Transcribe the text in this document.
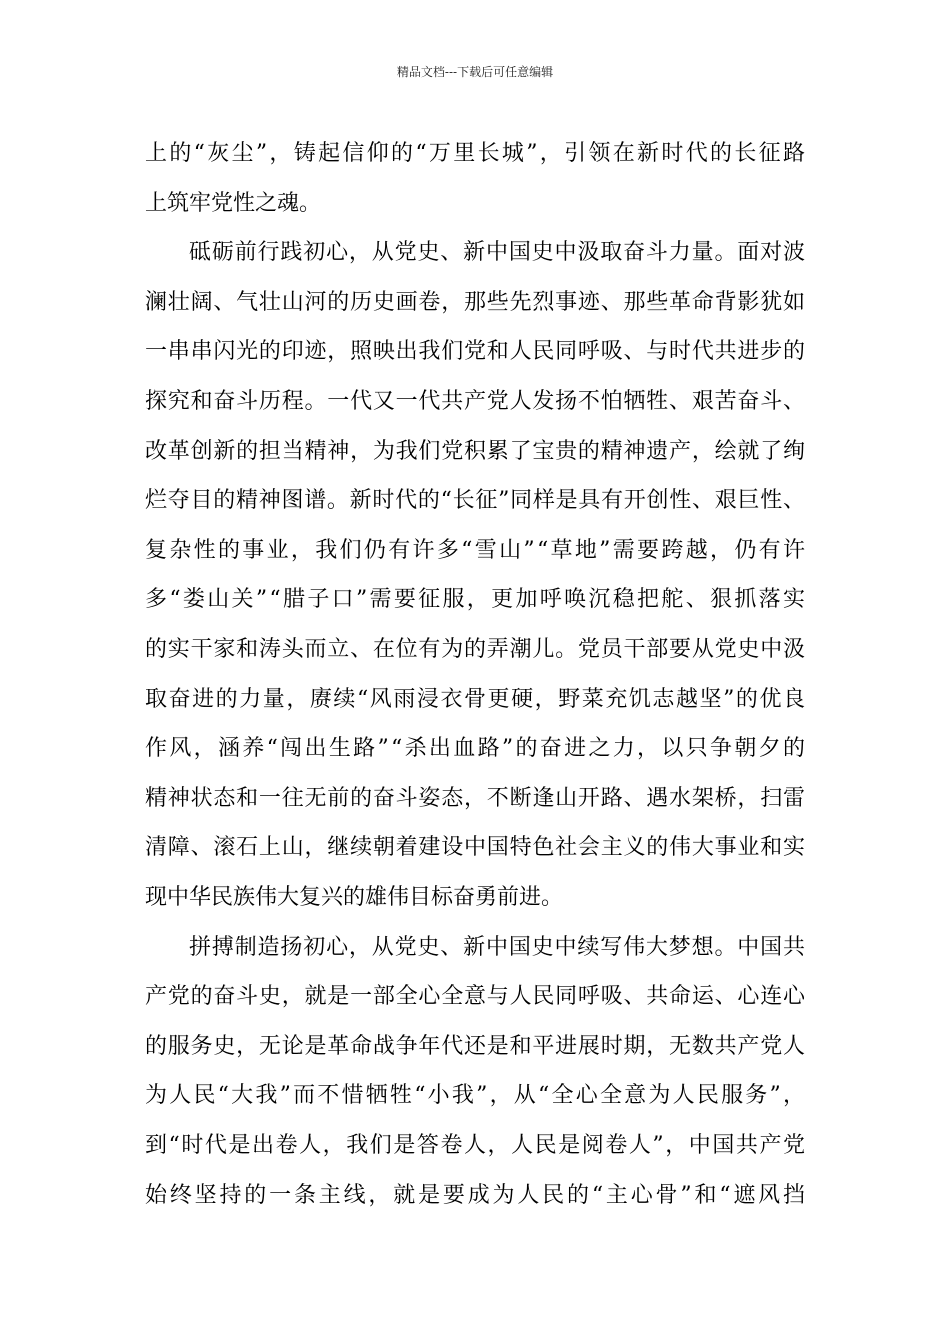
精品文档---下载后可任意编辑
上的“灰尘”，铸起信仰的“万里长城”，引领在新时代的长征路
上筑牢党性之魂。
砥砺前行践初心，从党史、新中国史中汲取奋斗力量。面对波
澜壮阔、气壮山河的历史画卷，那些先烈事迹、那些革命背影犹如
一串串闪光的印迹，照映出我们党和人民同呼吸、与时代共进步的
探究和奋斗历程。一代又一代共产党人发扬不怕牺牲、艰苦奋斗、
改革创新的担当精神，为我们党积累了宝贵的精神遗产，绘就了绚
烂夺目的精神图谱。新时代的“长征”同样是具有开创性、艰巨性、
复杂性的事业，我们仍有许多“雪山”“草地”需要跨越，仍有许
多“娄山关”“腊子口”需要征服，更加呼唤沉稳把舵、狠抓落实
的实干家和涛头而立、在位有为的弄潮儿。党员干部要从党史中汲
取奋进的力量，赓续“风雨浸衣骨更硬，野菜充饥志越坚”的优良
作风，涵养“闯出生路”“杀出血路”的奋进之力，以只争朝夕的
精神状态和一往无前的奋斗姿态，不断逢山开路、遇水架桥，扫雷
清障、滚石上山，继续朝着建设中国特色社会主义的伟大事业和实
现中华民族伟大复兴的雄伟目标奋勇前进。
拼搏制造扬初心，从党史、新中国史中续写伟大梦想。中国共
产党的奋斗史，就是一部全心全意与人民同呼吸、共命运、心连心
的服务史，无论是革命战争年代还是和平进展时期，无数共产党人
为人民“大我”而不惜牺牲“小我”，从“全心全意为人民服务”，
到“时代是出卷人，我们是答卷人，人民是阅卷人”，中国共产党
始终坚持的一条主线，就是要成为人民的“主心骨”和“遮风挡
